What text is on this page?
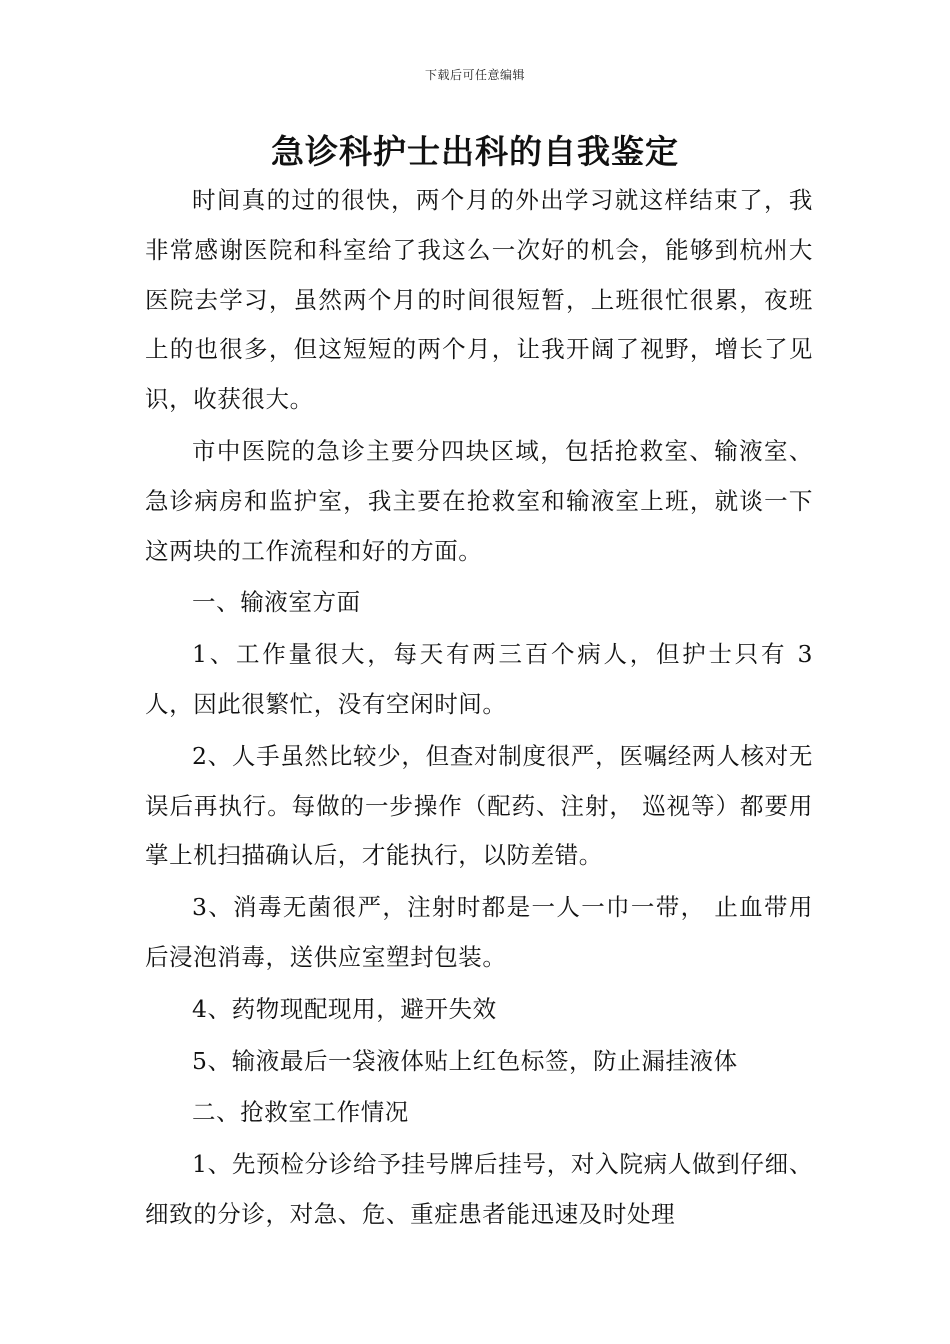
下载后可任意编辑
急诊科护士出科的自我鉴定

时间真的过的很快，两个月的外出学习就这样结束了，我非常感谢医院和科室给了我这么一次好的机会，能够到杭州大医院去学习，虽然两个月的时间很短暂，上班很忙很累，夜班上的也很多，但这短短的两个月，让我开阔了视野，增长了见识，收获很大。

市中医院的急诊主要分四块区域，包括抢救室、输液室、急诊病房和监护室，我主要在抢救室和输液室上班，就谈一下这两块的工作流程和好的方面。

一、输液室方面

1、工作量很大，每天有两三百个病人，但护士只有 3 人，因此很繁忙，没有空闲时间。

2、人手虽然比较少，但查对制度很严，医嘱经两人核对无误后再执行。每做的一步操作（配药、注射， 巡视等）都要用掌上机扫描确认后，才能执行，以防差错。

3、消毒无菌很严，注射时都是一人一巾一带， 止血带用后浸泡消毒，送供应室塑封包装。

4、药物现配现用，避开失效

5、输液最后一袋液体贴上红色标签，防止漏挂液体

二、抢救室工作情况

1、先预检分诊给予挂号牌后挂号，对入院病人做到仔细、细致的分诊，对急、危、重症患者能迅速及时处理
